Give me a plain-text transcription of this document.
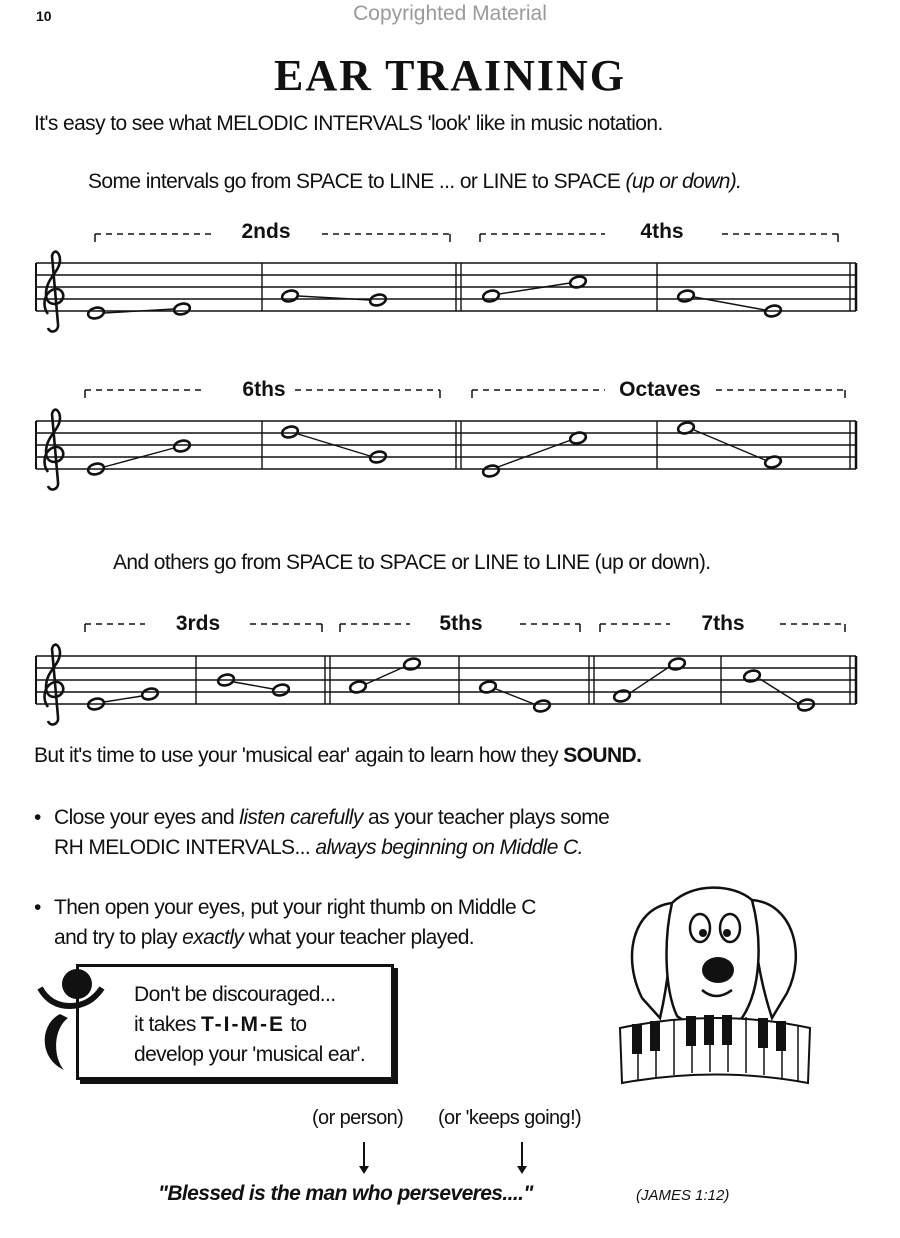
10	Copyrighted Material
EAR TRAINING
It's easy to see what MELODIC INTERVALS 'look' like in music notation.
Some intervals go from SPACE to LINE ... or LINE to SPACE (up or down).
And others go from SPACE to SPACE or LINE to LINE (up or down).
2nds	4ths
6ths	Octaves
3rds	5ths	7ths
But it's time to use your 'musical ear' again to learn how they SOUND.
• Close your eyes and listen carefully as your teacher plays some
RH MELODIC INTERVALS... always beginning on Middle C.
• Then open your eyes, put your right thumb on Middle C
and try to play exactly what your teacher played.
Don't be discouraged...
it takes T-I-M-E to
develop your 'musical ear'.
(or person) (or 'keeps going!)
"Blessed is the man who perseveres...."	(JAMES 1:12)
